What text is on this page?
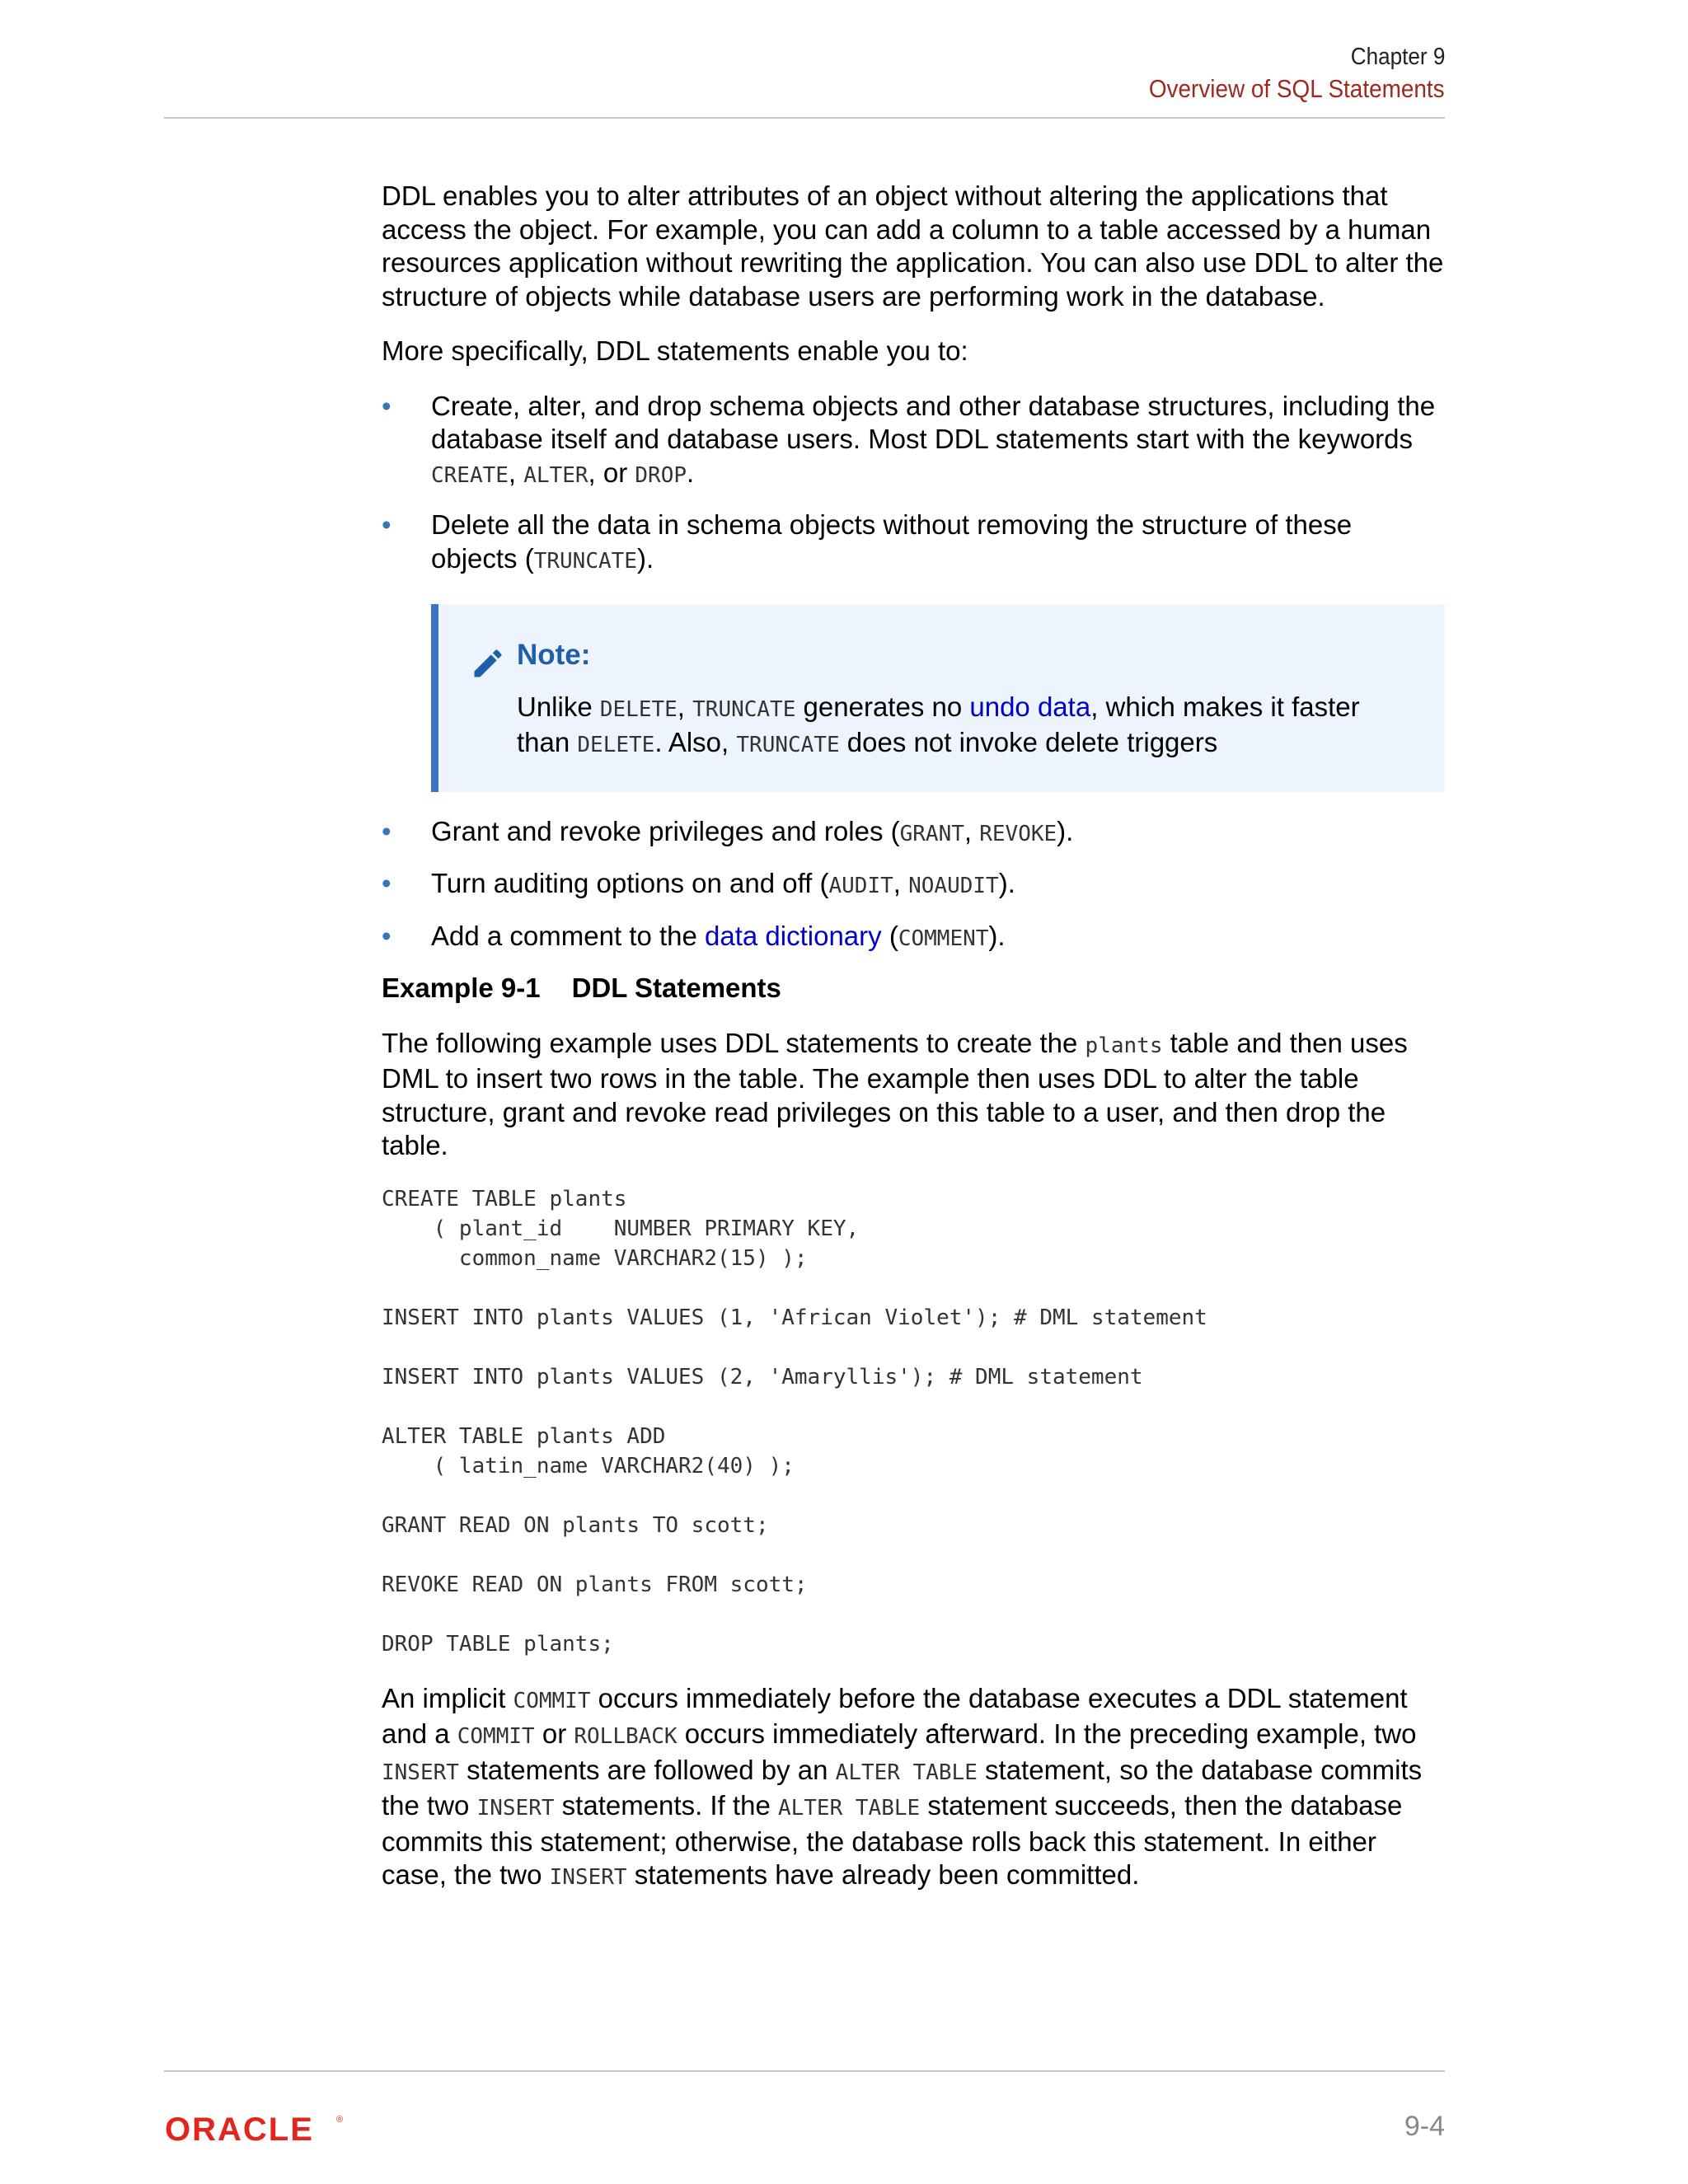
Chapter 9
Overview of SQL Statements

DDL enables you to alter attributes of an object without altering the applications that access the object. For example, you can add a column to a table accessed by a human resources application without rewriting the application. You can also use DDL to alter the structure of objects while database users are performing work in the database.

More specifically, DDL statements enable you to:

• Create, alter, and drop schema objects and other database structures, including the database itself and database users. Most DDL statements start with the keywords CREATE, ALTER, or DROP.
• Delete all the data in schema objects without removing the structure of these objects (TRUNCATE).
Note:

Unlike DELETE, TRUNCATE generates no undo data, which makes it faster than DELETE. Also, TRUNCATE does not invoke delete triggers

• Grant and revoke privileges and roles (GRANT, REVOKE).
• Turn auditing options on and off (AUDIT, NOAUDIT).
• Add a comment to the data dictionary (COMMENT).
Example 9-1 DDL Statements

The following example uses DDL statements to create the plants table and then uses DML to insert two rows in the table. The example then uses DDL to alter the table structure, grant and revoke read privileges on this table to a user, and then drop the table.

CREATE TABLE plants
( plant_id    NUMBER PRIMARY KEY,
common_name VARCHAR2(15) );

INSERT INTO plants VALUES (1, 'African Violet'); # DML statement

INSERT INTO plants VALUES (2, 'Amaryllis'); # DML statement

ALTER TABLE plants ADD
( latin_name VARCHAR2(40) );

GRANT READ ON plants TO scott;

REVOKE READ ON plants FROM scott;

DROP TABLE plants;

An implicit COMMIT occurs immediately before the database executes a DDL statement and a COMMIT or ROLLBACK occurs immediately afterward. In the preceding example, two INSERT statements are followed by an ALTER TABLE statement, so the database commits the two INSERT statements. If the ALTER TABLE statement succeeds, then the database commits this statement; otherwise, the database rolls back this statement. In either case, the two INSERT statements have already been committed.

ORACLE ®	9-4
